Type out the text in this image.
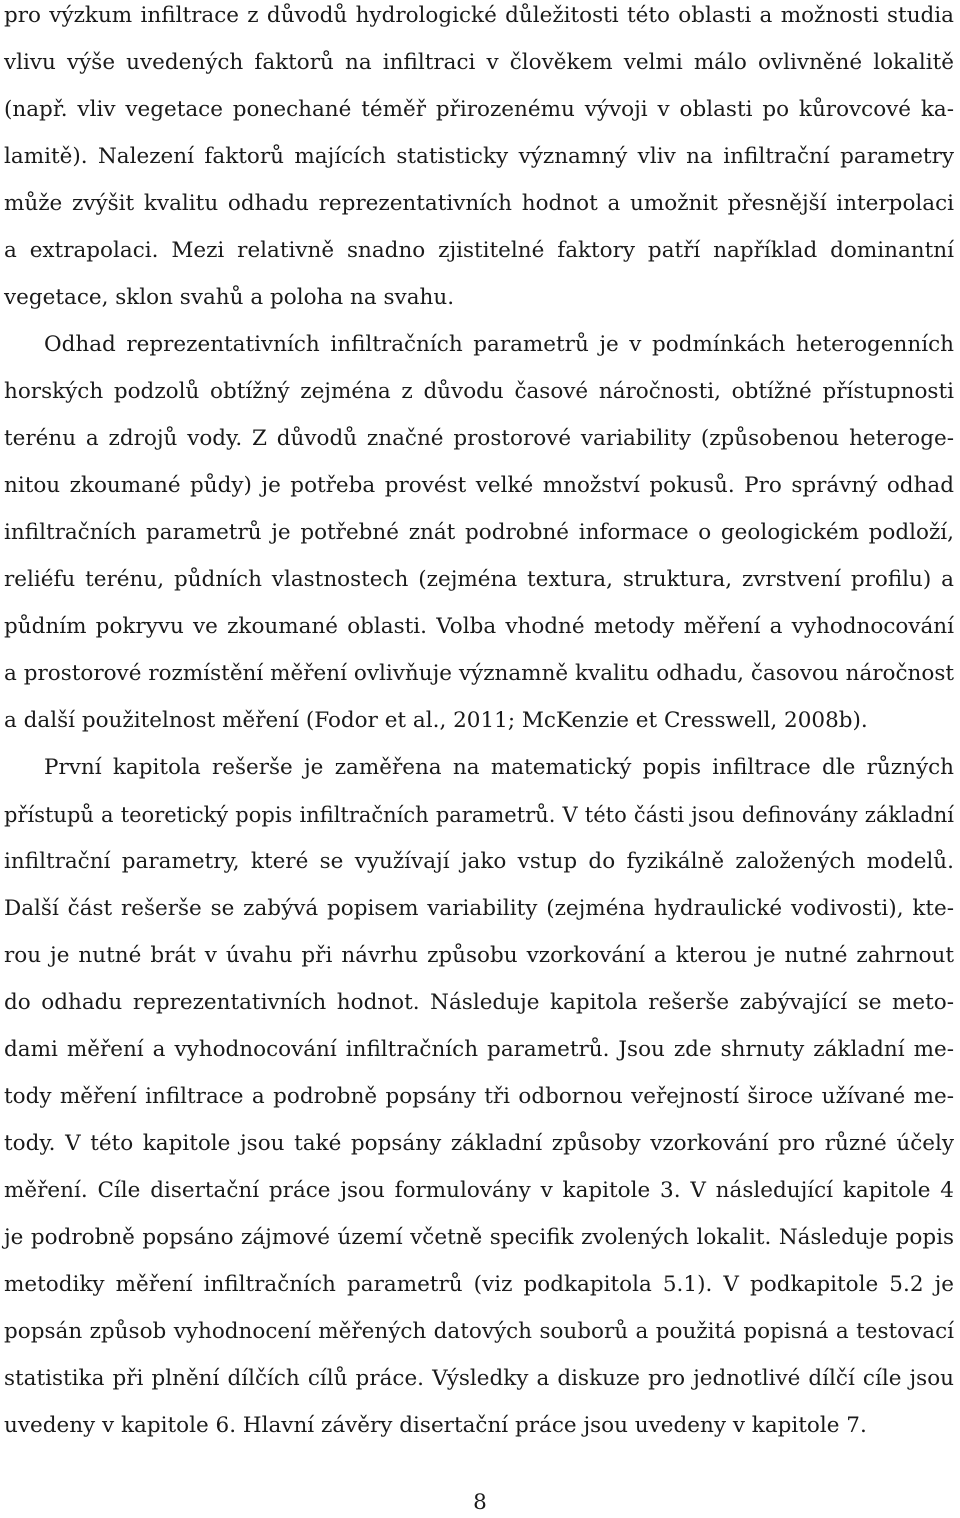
pro výzkum infiltrace z důvodů hydrologické důležitosti této oblasti a možnosti studia
vlivu výše uvedených faktorů na infiltraci v člověkem velmi málo ovlivněné lokalitě
(např. vliv vegetace ponechané téměř přirozenému vývoji v oblasti po kůrovcové ka-
lamitě). Nalezení faktorů majících statisticky významný vliv na infiltrační parametry
může zvýšit kvalitu odhadu reprezentativních hodnot a umožnit přesnější interpolaci
a extrapolaci. Mezi relativně snadno zjistitelné faktory patří například dominantní
vegetace, sklon svahů a poloha na svahu.
Odhad reprezentativních infiltračních parametrů je v podmínkách heterogenních
horských podzolů obtížný zejména z důvodu časové náročnosti, obtížné přístupnosti
terénu a zdrojů vody. Z důvodů značné prostorové variability (způsobenou heteroge-
nitou zkoumané půdy) je potřeba provést velké množství pokusů. Pro správný odhad
infiltračních parametrů je potřebné znát podrobné informace o geologickém podloží,
reliéfu terénu, půdních vlastnostech (zejména textura, struktura, zvrstvení profilu) a
půdním pokryvu ve zkoumané oblasti. Volba vhodné metody měření a vyhodnocování
a prostorové rozmístění měření ovlivňuje významně kvalitu odhadu, časovou náročnost
a další použitelnost měření (Fodor et al., 2011; McKenzie et Cresswell, 2008b).
První kapitola rešerše je zaměřena na matematický popis infiltrace dle různých
přístupů a teoretický popis infiltračních parametrů. V této části jsou definovány základní
infiltrační parametry, které se využívají jako vstup do fyzikálně založených modelů.
Další část rešerše se zabývá popisem variability (zejména hydraulické vodivosti), kte-
rou je nutné brát v úvahu při návrhu způsobu vzorkování a kterou je nutné zahrnout
do odhadu reprezentativních hodnot. Následuje kapitola rešerše zabývající se meto-
dami měření a vyhodnocování infiltračních parametrů. Jsou zde shrnuty základní me-
tody měření infiltrace a podrobně popsány tři odbornou veřejností široce užívané me-
tody. V této kapitole jsou také popsány základní způsoby vzorkování pro různé účely
měření. Cíle disertační práce jsou formulovány v kapitole 3. V následující kapitole 4
je podrobně popsáno zájmové území včetně specifik zvolených lokalit. Následuje popis
metodiky měření infiltračních parametrů (viz podkapitola 5.1). V podkapitole 5.2 je
popsán způsob vyhodnocení měřených datových souborů a použitá popisná a testovací
statistika při plnění dílčích cílů práce. Výsledky a diskuze pro jednotlivé dílčí cíle jsou
uvedeny v kapitole 6. Hlavní závěry disertační práce jsou uvedeny v kapitole 7.
8
